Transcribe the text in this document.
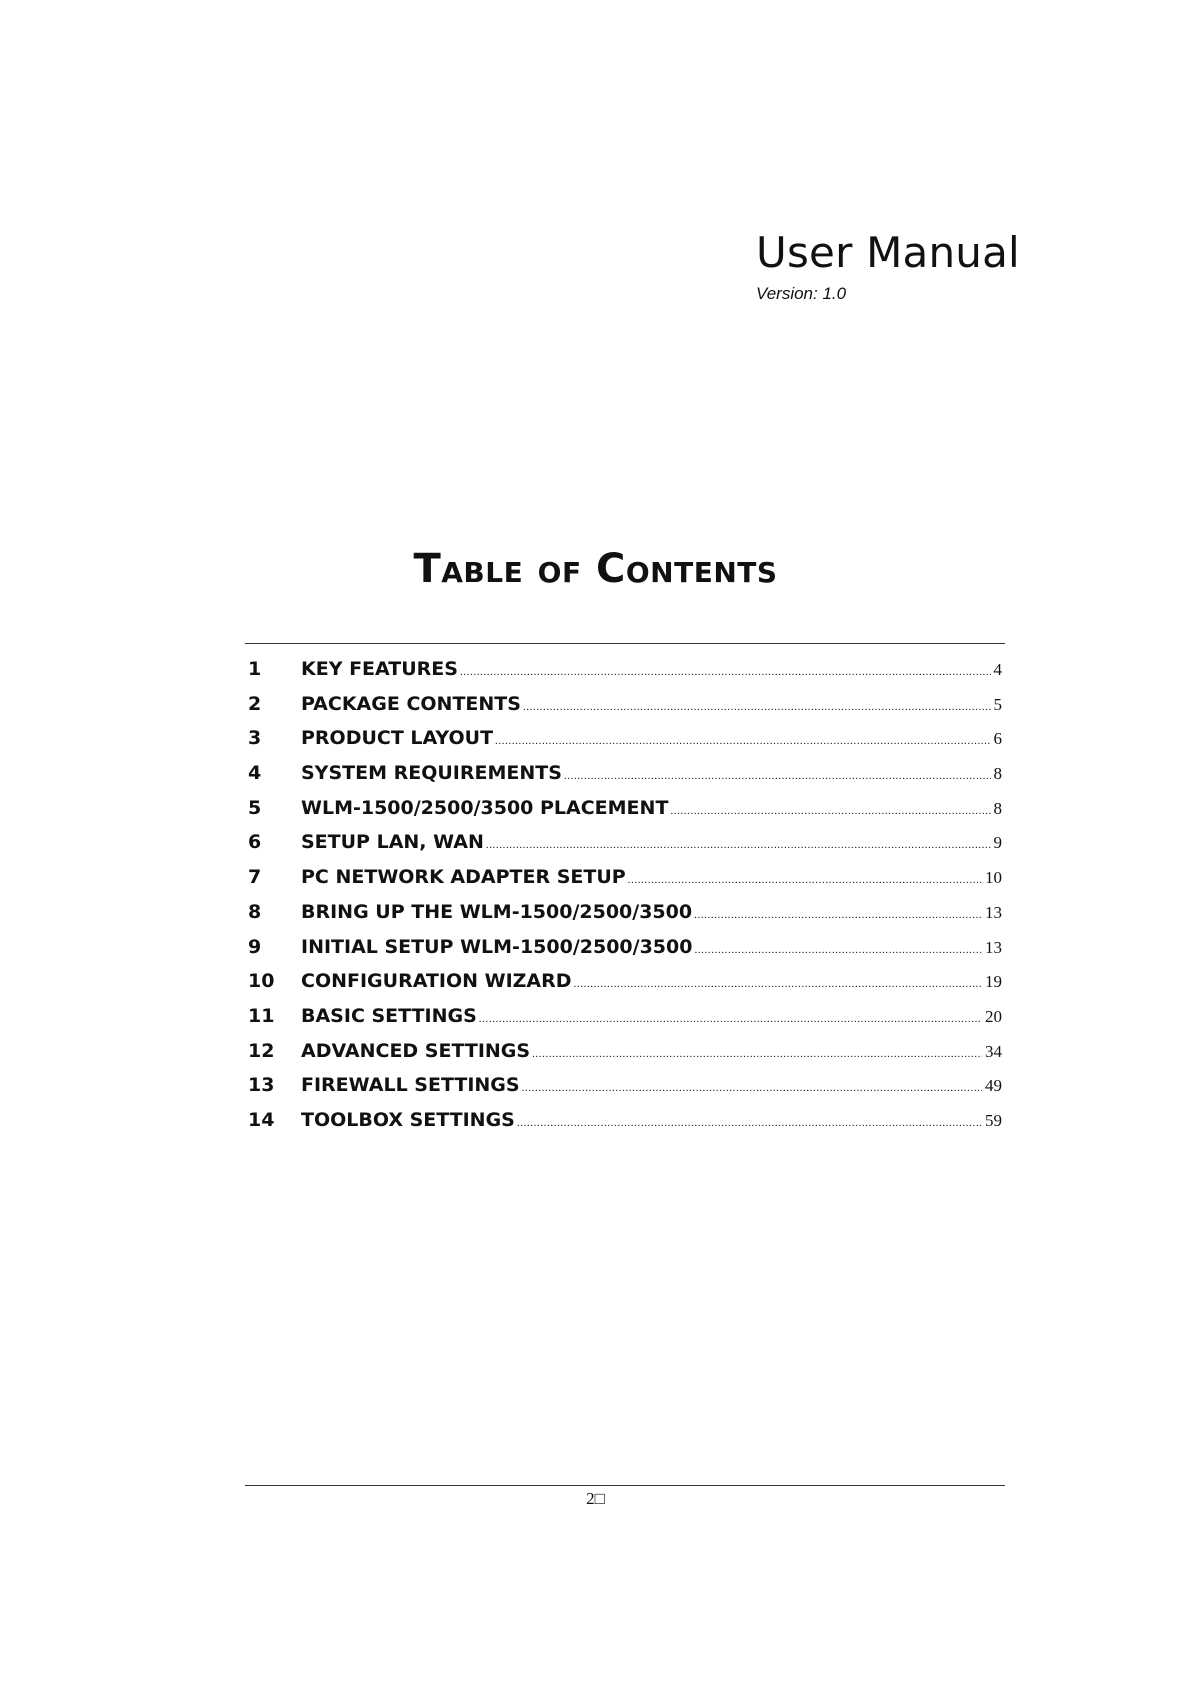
User Manual
Version: 1.0
Table of Contents
1	KEY FEATURES .....	4
2	PACKAGE CONTENTS .....	5
3	PRODUCT LAYOUT .....	6
4	SYSTEM REQUIREMENTS .....	8
5	WLM-1500/2500/3500 PLACEMENT .....	8
6	SETUP LAN, WAN .....	9
7	PC NETWORK ADAPTER SETUP .....	10
8	BRING UP THE WLM-1500/2500/3500 .....	13
9	INITIAL SETUP WLM-1500/2500/3500 .....	13
10	CONFIGURATION WIZARD .....	19
11	BASIC SETTINGS .....	20
12	ADVANCED SETTINGS .....	34
13	FIREWALL SETTINGS .....	49
14	TOOLBOX SETTINGS .....	59
2□
